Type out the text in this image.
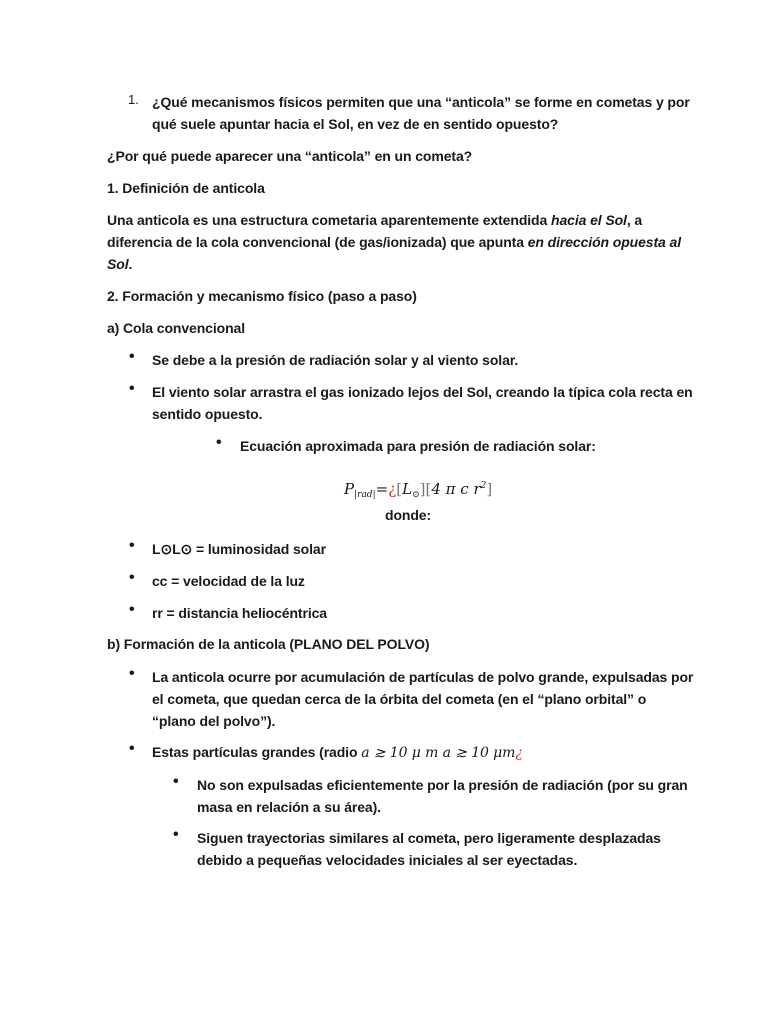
1. ¿Qué mecanismos físicos permiten que una “anticola” se forme en cometas y por
qué suele apuntar hacia el Sol, en vez de en sentido opuesto?
¿Por qué puede aparecer una “anticola” en un cometa?
1. Definición de anticola
Una anticola es una estructura cometaria aparentemente extendida hacia el Sol, a
diferencia de la cola convencional (de gas/ionizada) que apunta en dirección opuesta al
Sol.
2. Formación y mecanismo físico (paso a paso)
a) Cola convencional
• Se debe a la presión de radiación solar y al viento solar.
• El viento solar arrastra el gas ionizado lejos del Sol, creando la típica cola recta en
sentido opuesto.
• Ecuación aproximada para presión de radiación solar:
$P_{|rad|}=¿[L_⊙][4$ π c $r^2$]
donde:
• L⊙L⊙ = luminosidad solar
• cc = velocidad de la luz
• rr = distancia heliocéntrica
b) Formación de la anticola (PLANO DEL POLVO)
• La anticola ocurre por acumulación de partículas de polvo grande, expulsadas por
el cometa, que quedan cerca de la órbita del cometa (en el “plano orbital” o
“plano del polvo”).
• Estas partículas grandes (radio a ≳ 10 μ m a ≳ 10 μm¿
• No son expulsadas eficientemente por la presión de radiación (por su gran
masa en relación a su área).
• Siguen trayectorias similares al cometa, pero ligeramente desplazadas
debido a pequeñas velocidades iniciales al ser eyectadas.
